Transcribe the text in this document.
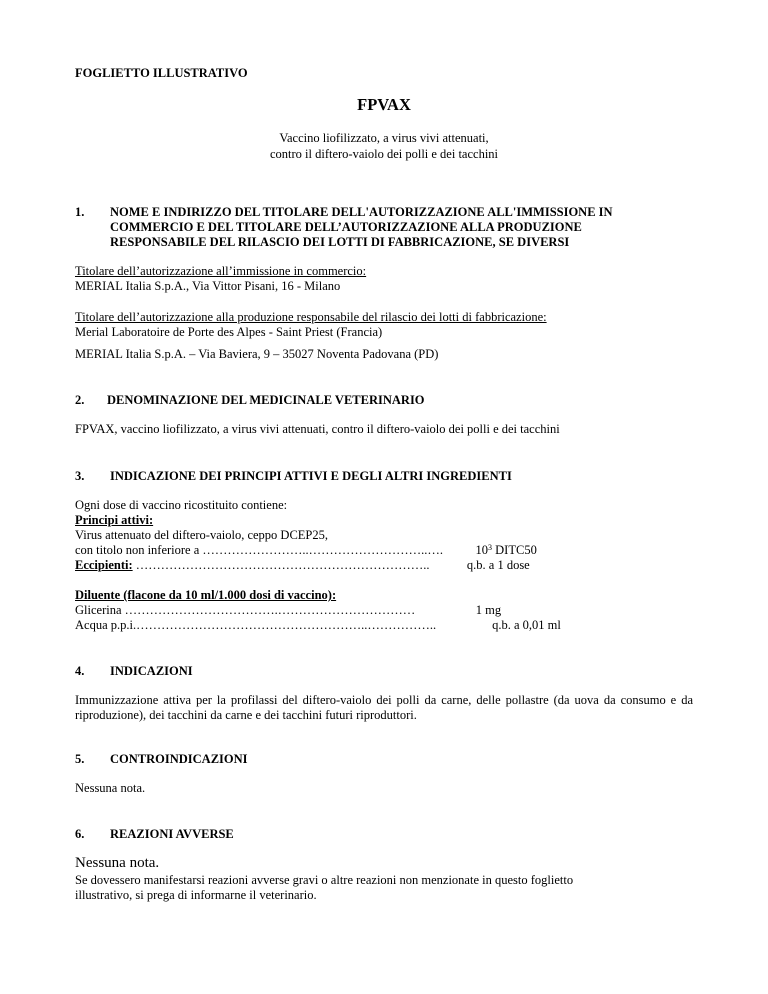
FOGLIETTO ILLUSTRATIVO
FPVAX
Vaccino liofilizzato, a virus vivi attenuati,
contro il diftero-vaiolo dei polli e dei tacchini
1. NOME E INDIRIZZO DEL TITOLARE DELL'AUTORIZZAZIONE ALL'IMMISSIONE IN
COMMERCIO E DEL TITOLARE DELL’AUTORIZZAZIONE ALLA PRODUZIONE
RESPONSABILE DEL RILASCIO DEI LOTTI DI FABBRICAZIONE, SE DIVERSI
Titolare dell’autorizzazione all’immissione in commercio:
MERIAL Italia S.p.A., Via Vittor Pisani, 16 - Milano
Titolare dell’autorizzazione alla produzione responsabile del rilascio dei lotti di fabbricazione:
Merial Laboratoire de Porte des Alpes - Saint Priest (Francia)
MERIAL Italia S.p.A. – Via Baviera, 9 – 35027 Noventa Padovana (PD)
2. DENOMINAZIONE DEL MEDICINALE VETERINARIO
FPVAX, vaccino liofilizzato, a virus vivi attenuati, contro il diftero-vaiolo dei polli e dei tacchini
3. INDICAZIONE DEI PRINCIPI ATTIVI E DEGLI ALTRI INGREDIENTI
Ogni dose di vaccino ricostituito contiene:
Principi attivi:
Virus attenuato del diftero-vaiolo, ceppo DCEP25,
con titolo non inferiore a ……………………..………………………..….	$10^3$ DITC50
Eccipienti: ……………………………………………………………..	q.b. a 1 dose
Diluente (flacone da 10 ml/1.000 dosi di vaccino):
Glicerina ……………………………….……………………………	1 mg
Acqua p.p.i.………………………………………………..……………..	q.b. a 0,01 ml
4. INDICAZIONI
Immunizzazione attiva per la profilassi del diftero-vaiolo dei polli da carne, delle pollastre (da uova da consumo e da riproduzione), dei tacchini da carne e dei tacchini futuri riproduttori.
5. CONTROINDICAZIONI
Nessuna nota.
6. REAZIONI AVVERSE
Nessuna nota.
Se dovessero manifestarsi reazioni avverse gravi o altre reazioni non menzionate in questo foglietto
illustrativo, si prega di informarne il veterinario.
